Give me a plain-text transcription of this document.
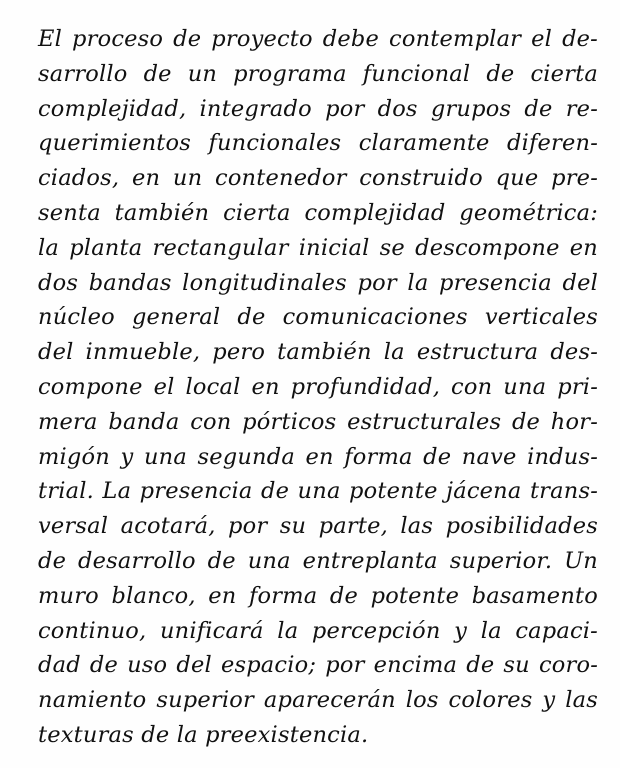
El proceso de proyecto debe contemplar el de-
sarrollo de un programa funcional de cierta
complejidad, integrado por dos grupos de re-
querimientos funcionales claramente diferen-
ciados, en un contenedor construido que pre-
senta también cierta complejidad geométrica:
la planta rectangular inicial se descompone en
dos bandas longitudinales por la presencia del
núcleo general de comunicaciones verticales
del inmueble, pero también la estructura des-
compone el local en profundidad, con una pri-
mera banda con pórticos estructurales de hor-
migón y una segunda en forma de nave indus-
trial. La presencia de una potente jácena trans-
versal acotará, por su parte, las posibilidades
de desarrollo de una entreplanta superior. Un
muro blanco, en forma de potente basamento
continuo, unificará la percepción y la capaci-
dad de uso del espacio; por encima de su coro-
namiento superior aparecerán los colores y las
texturas de la preexistencia.
